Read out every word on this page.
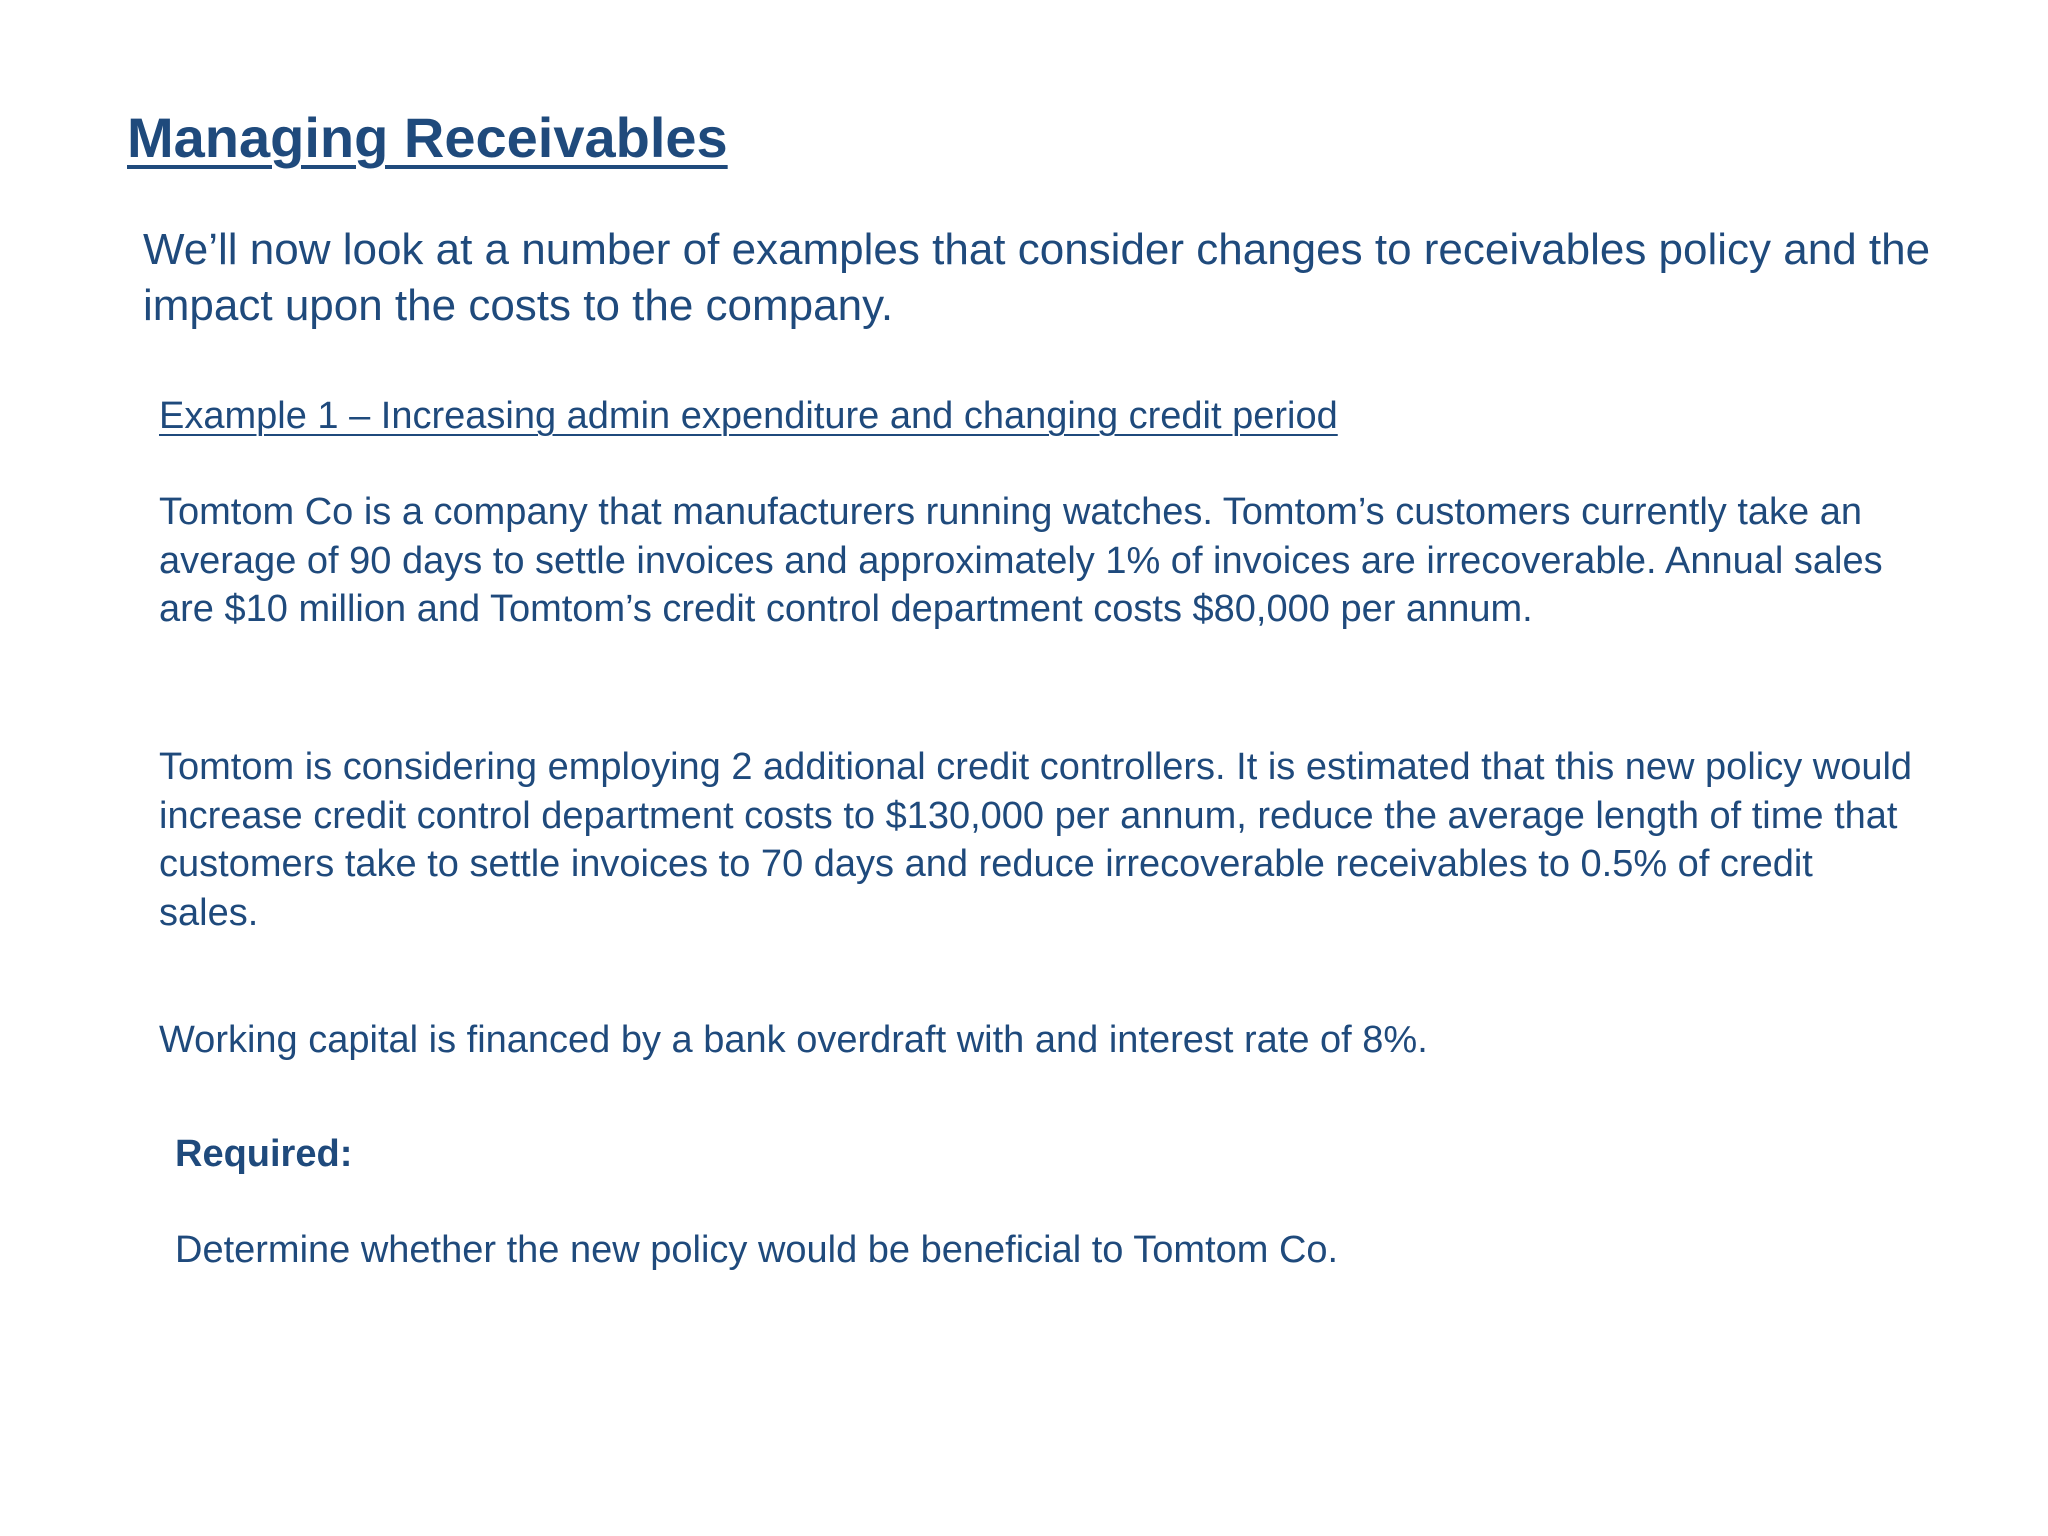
Managing Receivables

We’ll now look at a number of examples that consider changes to receivables policy and the impact upon the costs to the company.

Example 1 – Increasing admin expenditure and changing credit period

Tomtom Co is a company that manufacturers running watches. Tomtom’s customers currently take an average of 90 days to settle invoices and approximately 1% of invoices are irrecoverable. Annual sales are $10 million and Tomtom’s credit control department costs $80,000 per annum.

Tomtom is considering employing 2 additional credit controllers. It is estimated that this new policy would increase credit control department costs to $130,000 per annum, reduce the average length of time that customers take to settle invoices to 70 days and reduce irrecoverable receivables to 0.5% of credit sales.

Working capital is financed by a bank overdraft with and interest rate of 8%.

Required:

Determine whether the new policy would be beneficial to Tomtom Co.
